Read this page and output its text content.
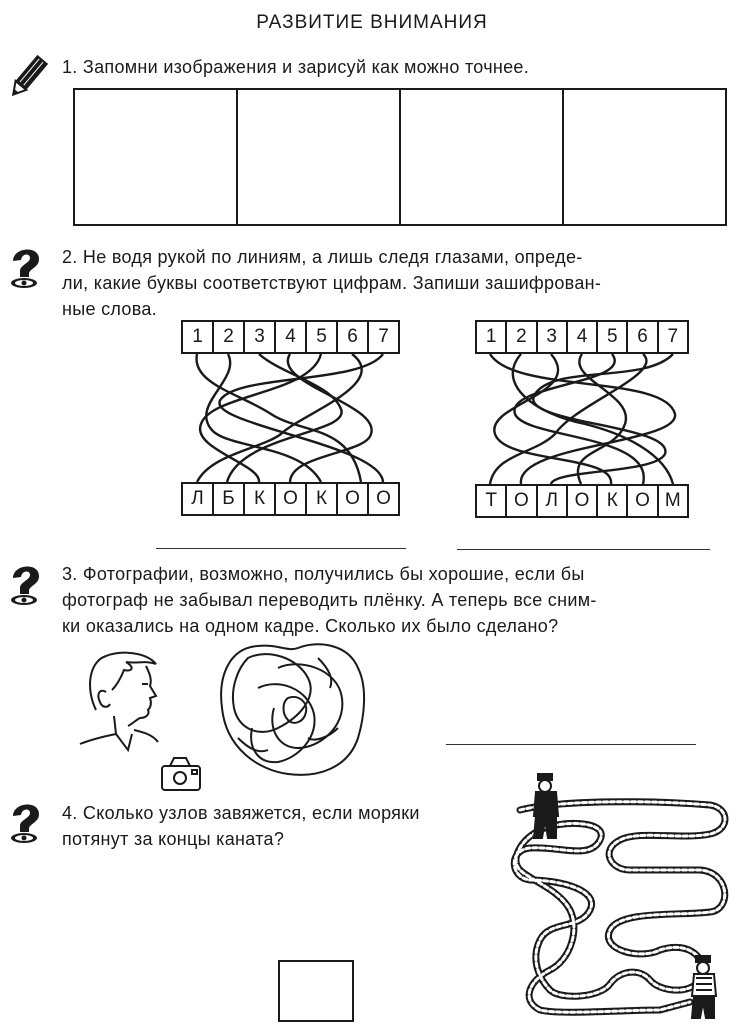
РАЗВИТИЕ ВНИМАНИЯ
1. Запомни изображения и зарисуй как можно точнее.
2. Не водя рукой по линиям, а лишь следя глазами, опреде-
ли, какие буквы соответствуют цифрам. Запиши зашифрован-
ные слова.
1	2	3	4	5	6	7
Л Б	К О К О О
1	2	3	4	5	6	7
Т О Л О К О М
3. Фотографии, возможно, получились бы хорошие, если бы
фотограф не забывал переводить плёнку. А теперь все сним-
ки оказались на одном кадре. Сколько их было сделано?
4. Сколько узлов завяжется, если моряки
потянут за концы каната?
